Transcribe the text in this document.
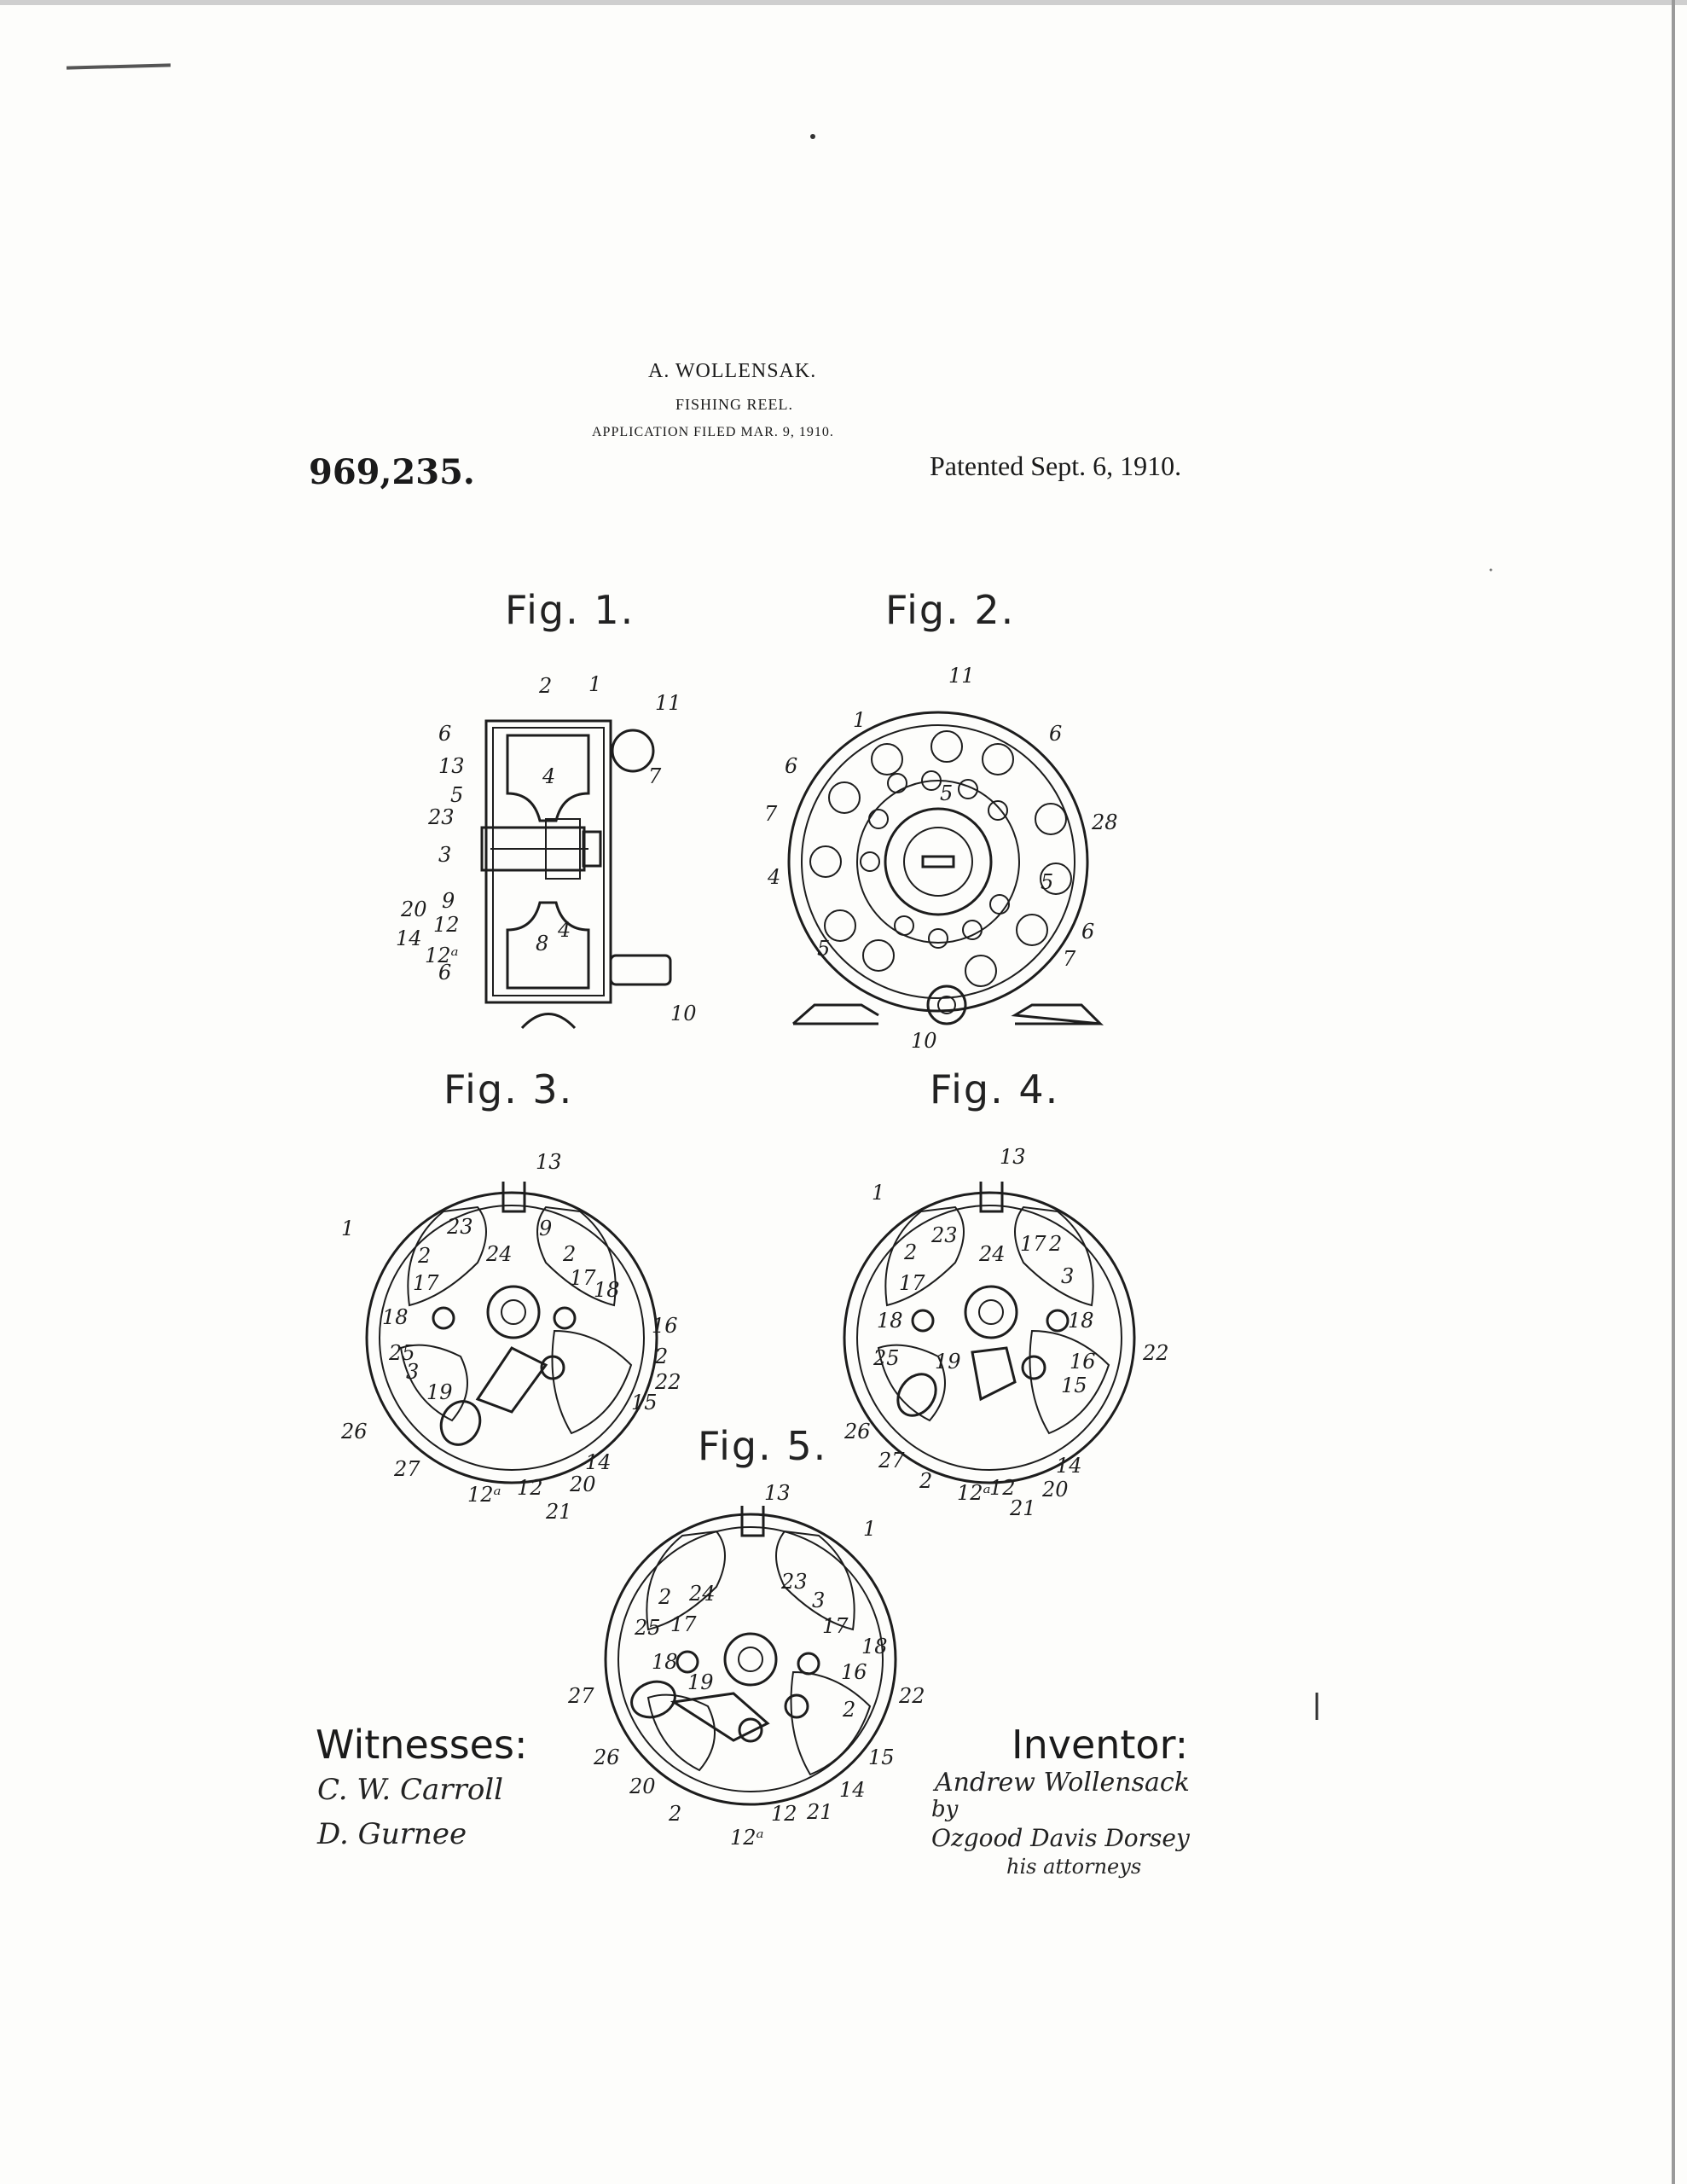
A. WOLLENSAK.
FISHING REEL.
APPLICATION FILED MAR. 9, 1910.
969,235.	Patented Sept. 6, 1910.
Fig. 1.	Fig. 2.
Fig. 3.	Fig. 4.
Fig. 5.
Witnesses:
C. W. Carroll
D. Gurnee
Inventor:
Andrew Wollensack
by
Ozgood Davis Dorsey
his attorneys
2 1
11
6
13
5
4	7
23
3
20 9
12
14
12ᵃ	8
4
6
10
11
1
6
6
7
5
28
4	5
6
5	7
10
13
1	23	9
2	2
24
17	17
18
18	16
25
3
2
22
15
19
26
27	14
12ᵃ 12 20
21
13
1
23
2	24 17 2
17	3
18	18
22
25 19	16
15
26
27
2 12ᵃ
12
14
20
21
13
1
23
2 24	3
25 17	17
18
18	16
19
22
27
2
26	15
20	14
2	12 21
12ᵃ
